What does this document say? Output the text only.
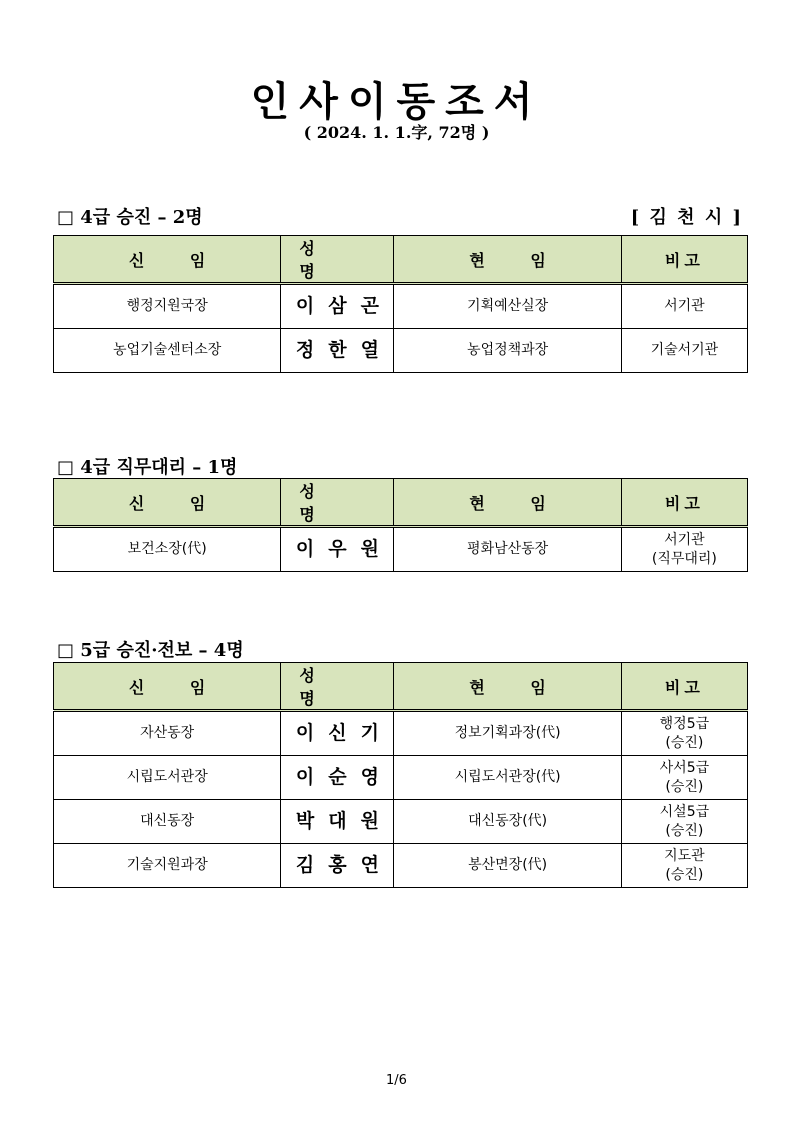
인사이동조서
( 2024. 1. 1.字, 72명 )
□ 4급 승진 – 2명	[ 김 천 시 ]
신 임	성 명	현 임	비고
행정지원국장	이삼곤	기획예산실장	서기관
농업기술센터소장	정한열	농업정책과장	기술서기관
□ 4급 직무대리 – 1명
신 임	성 명	현 임	비고
보건소장(代)	이우원	평화남산동장	서기관
(직무대리)
□ 5급 승진·전보 – 4명
신 임	성 명	현 임	비고
자산동장	이신기	정보기획과장(代)	행정5급
(승진)
시립도서관장	이순영	시립도서관장(代)	사서5급
(승진)
대신동장	박대원	대신동장(代)	시설5급
(승진)
기술지원과장	김홍연	봉산면장(代)	지도관
(승진)
1/6
